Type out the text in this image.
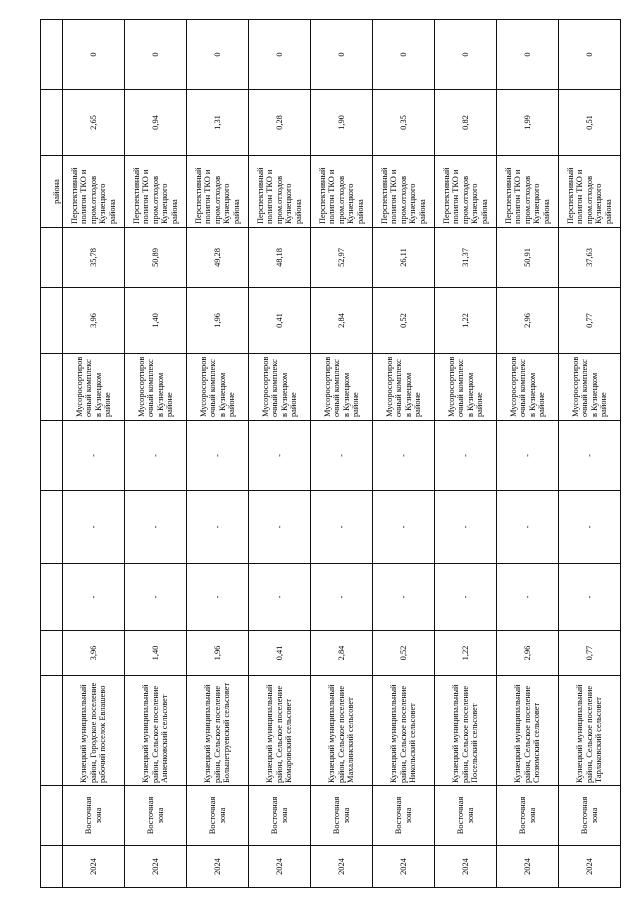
										района		
2024	Восточная зона	Кузнецкий муниципальный район, Городское поселение рабочий поселок Евлашево	3,96	-	-	-	Мусоросортировочный комплекс в Кузнецком районе	3,96	35,78	Перспективный полигон ТКО и пром.отходов Кузнецкого района	2,65	0
2024	Восточная зона	Кузнецкий муниципальный район, Сельское поселение Анненковский сельсовет	1,40	-	-	-	Мусоросортировочный комплекс в Кузнецком районе	1,40	50,89	Перспективный полигон ТКО и пром.отходов Кузнецкого района	0,94	0
2024	Восточная зона	Кузнецкий муниципальный район, Сельское поселение Большетруевский сельсовет	1,96	-	-	-	Мусоросортировочный комплекс в Кузнецком районе	1,96	49,28	Перспективный полигон ТКО и пром.отходов Кузнецкого района	1,31	0
2024	Восточная зона	Кузнецкий муниципальный район, Сельское поселение Комаровский сельсовет	0,41	-	-	-	Мусоросортировочный комплекс в Кузнецком районе	0,41	48,18	Перспективный полигон ТКО и пром.отходов Кузнецкого района	0,28	0
2024	Восточная зона	Кузнецкий муниципальный район, Сельское поселение Махалинский сельсовет	2,84	-	-	-	Мусоросортировочный комплекс в Кузнецком районе	2,84	52,97	Перспективный полигон ТКО и пром.отходов Кузнецкого района	1,90	0
2024	Восточная зона	Кузнецкий муниципальный район, Сельское поселение Никольский сельсовет	0,52	-	-	-	Мусоросортировочный комплекс в Кузнецком районе	0,52	26,11	Перспективный полигон ТКО и пром.отходов Кузнецкого района	0,35	0
2024	Восточная зона	Кузнецкий муниципальный район, Сельское поселение Посельский сельсовет	1,22	-	-	-	Мусоросортировочный комплекс в Кузнецком районе	1,22	31,37	Перспективный полигон ТКО и пром.отходов Кузнецкого района	0,82	0
2024	Восточная зона	Кузнецкий муниципальный район, Сельское поселение Сюзюмский сельсовет	2,96	-	-	-	Мусоросортировочный комплекс в Кузнецком районе	2,96	50,91	Перспективный полигон ТКО и пром.отходов Кузнецкого района	1,99	0
2024	Восточная зона	Кузнецкий муниципальный район, Сельское поселение Тарлаковский сельсовет	0,77	-	-	-	Мусоросортировочный комплекс в Кузнецком районе	0,77	37,63	Перспективный полигон ТКО и пром.отходов Кузнецкого района	0,51	0
